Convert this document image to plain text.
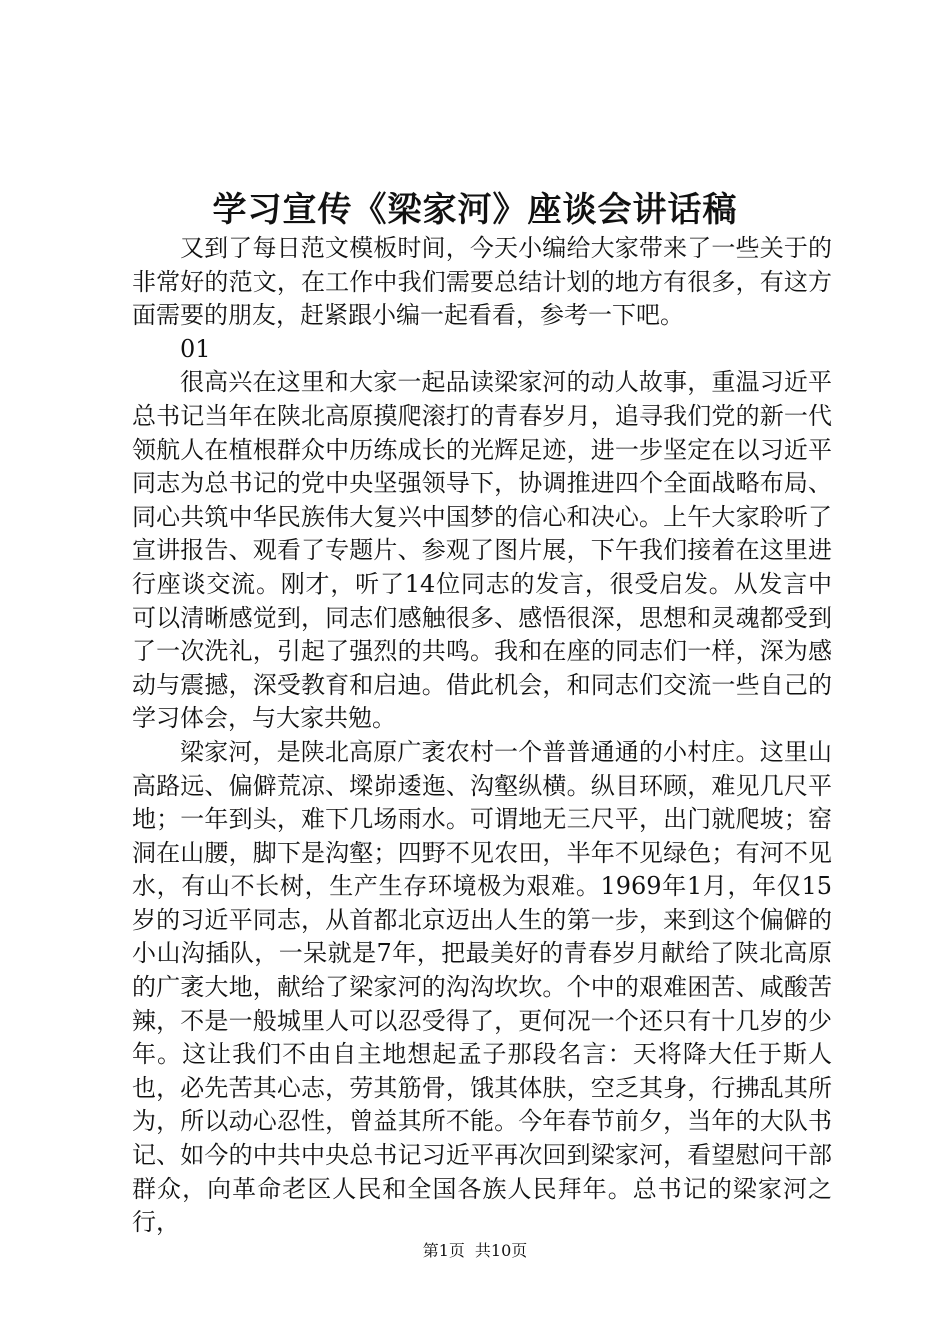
学习宣传《梁家河》座谈会讲话稿

又到了每日范文模板时间，今天小编给大家带来了一些关于的非常好的范文，在工作中我们需要总结计划的地方有很多，有这方面需要的朋友，赶紧跟小编一起看看，参考一下吧。

01

很高兴在这里和大家一起品读梁家河的动人故事，重温习近平总书记当年在陕北高原摸爬滚打的青春岁月，追寻我们党的新一代领航人在植根群众中历练成长的光辉足迹，进一步坚定在以习近平同志为总书记的党中央坚强领导下，协调推进四个全面战略布局、同心共筑中华民族伟大复兴中国梦的信心和决心。上午大家聆听了宣讲报告、观看了专题片、参观了图片展，下午我们接着在这里进行座谈交流。刚才，听了14位同志的发言，很受启发。从发言中可以清晰感觉到，同志们感触很多、感悟很深，思想和灵魂都受到了一次洗礼，引起了强烈的共鸣。我和在座的同志们一样，深为感动与震撼，深受教育和启迪。借此机会，和同志们交流一些自己的学习体会，与大家共勉。

梁家河，是陕北高原广袤农村一个普普通通的小村庄。这里山高路远、偏僻荒凉、墚峁逶迤、沟壑纵横。纵目环顾，难见几尺平地；一年到头，难下几场雨水。可谓地无三尺平，出门就爬坡；窑洞在山腰，脚下是沟壑；四野不见农田，半年不见绿色；有河不见水，有山不长树，生产生存环境极为艰难。1969年1月，年仅15岁的习近平同志，从首都北京迈出人生的第一步，来到这个偏僻的小山沟插队，一呆就是7年，把最美好的青春岁月献给了陕北高原的广袤大地，献给了梁家河的沟沟坎坎。个中的艰难困苦、咸酸苦辣，不是一般城里人可以忍受得了，更何况一个还只有十几岁的少年。这让我们不由自主地想起孟子那段名言：天将降大任于斯人也，必先苦其心志，劳其筋骨，饿其体肤，空乏其身，行拂乱其所为，所以动心忍性，曾益其所不能。今年春节前夕，当年的大队书记、如今的中共中央总书记习近平再次回到梁家河，看望慰问干部群众，向革命老区人民和全国各族人民拜年。总书记的梁家河之行，

第1页 共10页
